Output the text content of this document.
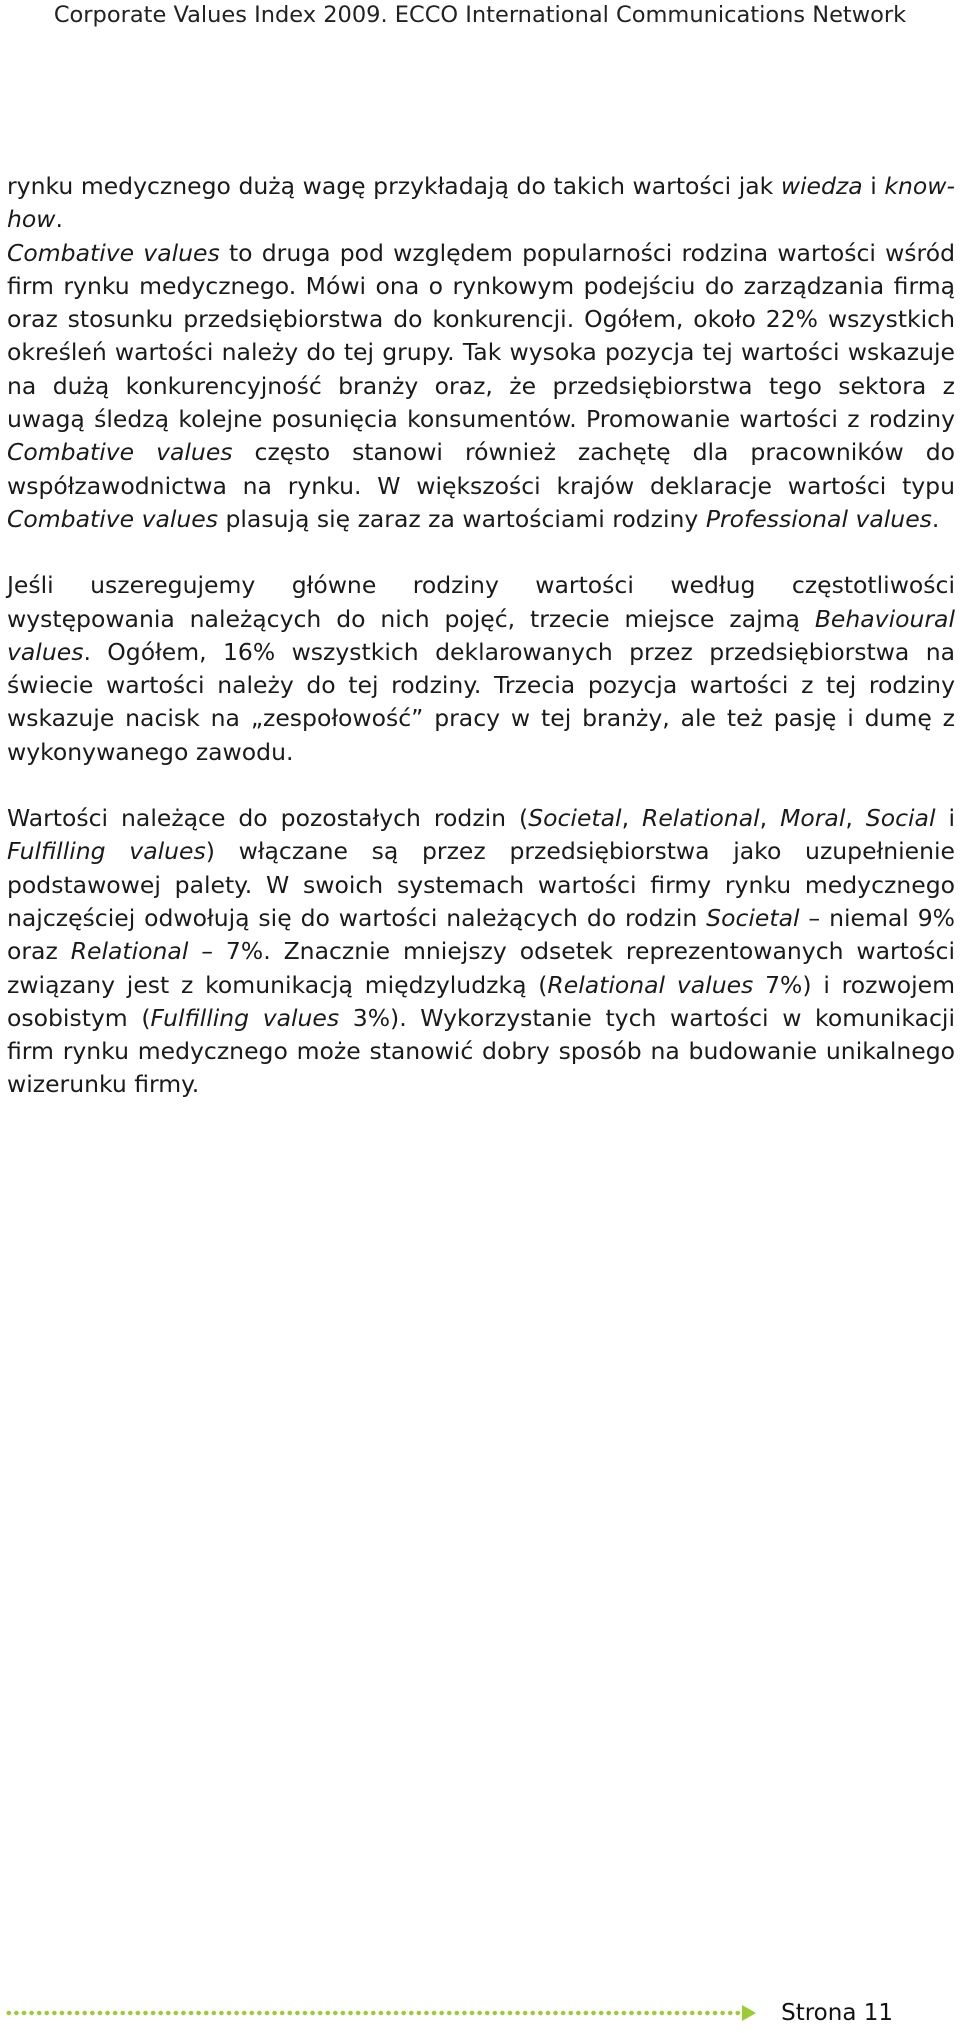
Corporate Values Index 2009. ECCO International Communications Network

rynku medycznego dużą wagę przykładają do takich wartości jak wiedza i know-how.
Combative values to druga pod względem popularności rodzina wartości wśród firm rynku medycznego. Mówi ona o rynkowym podejściu do zarządzania firmą oraz stosunku przedsiębiorstwa do konkurencji. Ogółem, około 22% wszystkich określeń wartości należy do tej grupy. Tak wysoka pozycja tej wartości wskazuje na dużą konkurencyjność branży oraz, że przedsiębiorstwa tego sektora z uwagą śledzą kolejne posunięcia konsumentów. Promowanie wartości z rodziny Combative values często stanowi również zachętę dla pracowników do współzawodnictwa na rynku. W większości krajów deklaracje wartości typu Combative values plasują się zaraz za wartościami rodziny Professional values.

Jeśli uszeregujemy główne rodziny wartości według częstotliwości występowania należących do nich pojęć, trzecie miejsce zajmą Behavioural values. Ogółem, 16% wszystkich deklarowanych przez przedsiębiorstwa na świecie wartości należy do tej rodziny. Trzecia pozycja wartości z tej rodziny wskazuje nacisk na „zespołowość” pracy w tej branży, ale też pasję i dumę z wykonywanego zawodu.

Wartości należące do pozostałych rodzin (Societal, Relational, Moral, Social i Fulfilling values) włączane są przez przedsiębiorstwa jako uzupełnienie podstawowej palety. W swoich systemach wartości firmy rynku medycznego najczęściej odwołują się do wartości należących do rodzin Societal – niemal 9% oraz Relational – 7%. Znacznie mniejszy odsetek reprezentowanych wartości związany jest z komunikacją międzyludzką (Relational values 7%) i rozwojem osobistym (Fulfilling values 3%). Wykorzystanie tych wartości w komunikacji firm rynku medycznego może stanowić dobry sposób na budowanie unikalnego wizerunku firmy.

Strona 11
